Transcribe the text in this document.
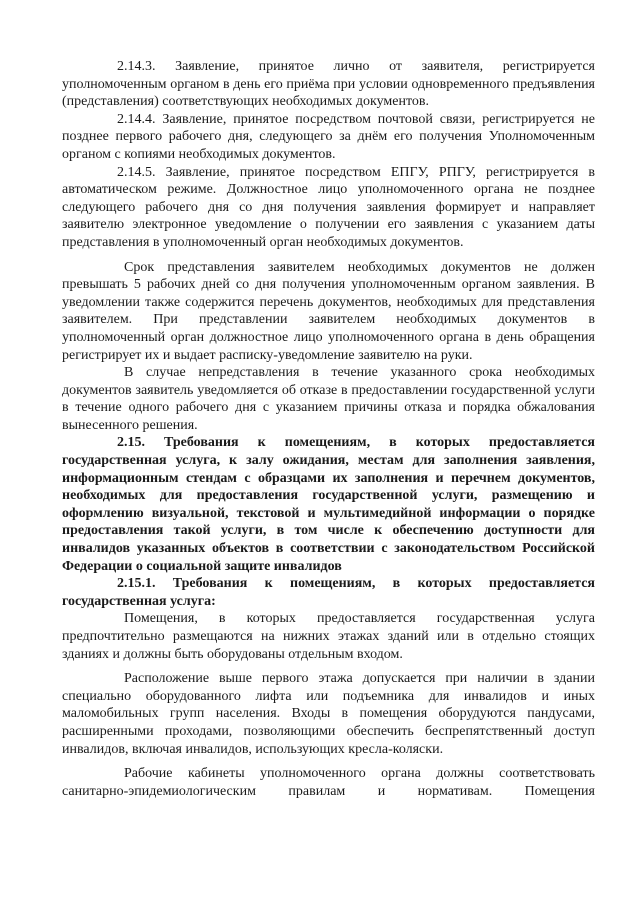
2.14.3. Заявление, принятое лично от заявителя, регистрируется уполномоченным органом в день его приёма при условии одновременного предъявления (представления) соответствующих необходимых документов.

2.14.4. Заявление, принятое посредством почтовой связи, регистрируется не позднее первого рабочего дня, следующего за днём его получения Уполномоченным органом с копиями необходимых документов.

2.14.5. Заявление, принятое посредством ЕПГУ, РПГУ, регистрируется в автоматическом режиме. Должностное лицо уполномоченного органа не позднее следующего рабочего дня со дня получения заявления формирует и направляет заявителю электронное уведомление о получении его заявления с указанием даты представления в уполномоченный орган необходимых документов.

Срок представления заявителем необходимых документов не должен превышать 5 рабочих дней со дня получения уполномоченным органом заявления. В уведомлении также содержится перечень документов, необходимых для представления заявителем. При представлении заявителем необходимых документов в уполномоченный орган должностное лицо уполномоченного органа в день обращения регистрирует их и выдает расписку-уведомление заявителю на руки.

В случае непредставления в течение указанного срока необходимых документов заявитель уведомляется об отказе в предоставлении государственной услуги в течение одного рабочего дня с указанием причины отказа и порядка обжалования вынесенного решения.

2.15. Требования к помещениям, в которых предоставляется государственная услуга, к залу ожидания, местам для заполнения заявления, информационным стендам с образцами их заполнения и перечнем документов, необходимых для предоставления государственной услуги, размещению и оформлению визуальной, текстовой и мультимедийной информации о порядке предоставления такой услуги, в том числе к обеспечению доступности для инвалидов указанных объектов в соответствии с законодательством Российской Федерации о социальной защите инвалидов

2.15.1. Требования к помещениям, в которых предоставляется государственная услуга:

Помещения, в которых предоставляется государственная услуга предпочтительно размещаются на нижних этажах зданий или в отдельно стоящих зданиях и должны быть оборудованы отдельным входом.

Расположение выше первого этажа допускается при наличии в здании специально оборудованного лифта или подъемника для инвалидов и иных маломобильных групп населения. Входы в помещения оборудуются пандусами, расширенными проходами, позволяющими обеспечить беспрепятственный доступ инвалидов, включая инвалидов, использующих кресла-коляски.

Рабочие кабинеты уполномоченного органа должны соответствовать санитарно-эпидемиологическим правилам и нормативам. Помещения
